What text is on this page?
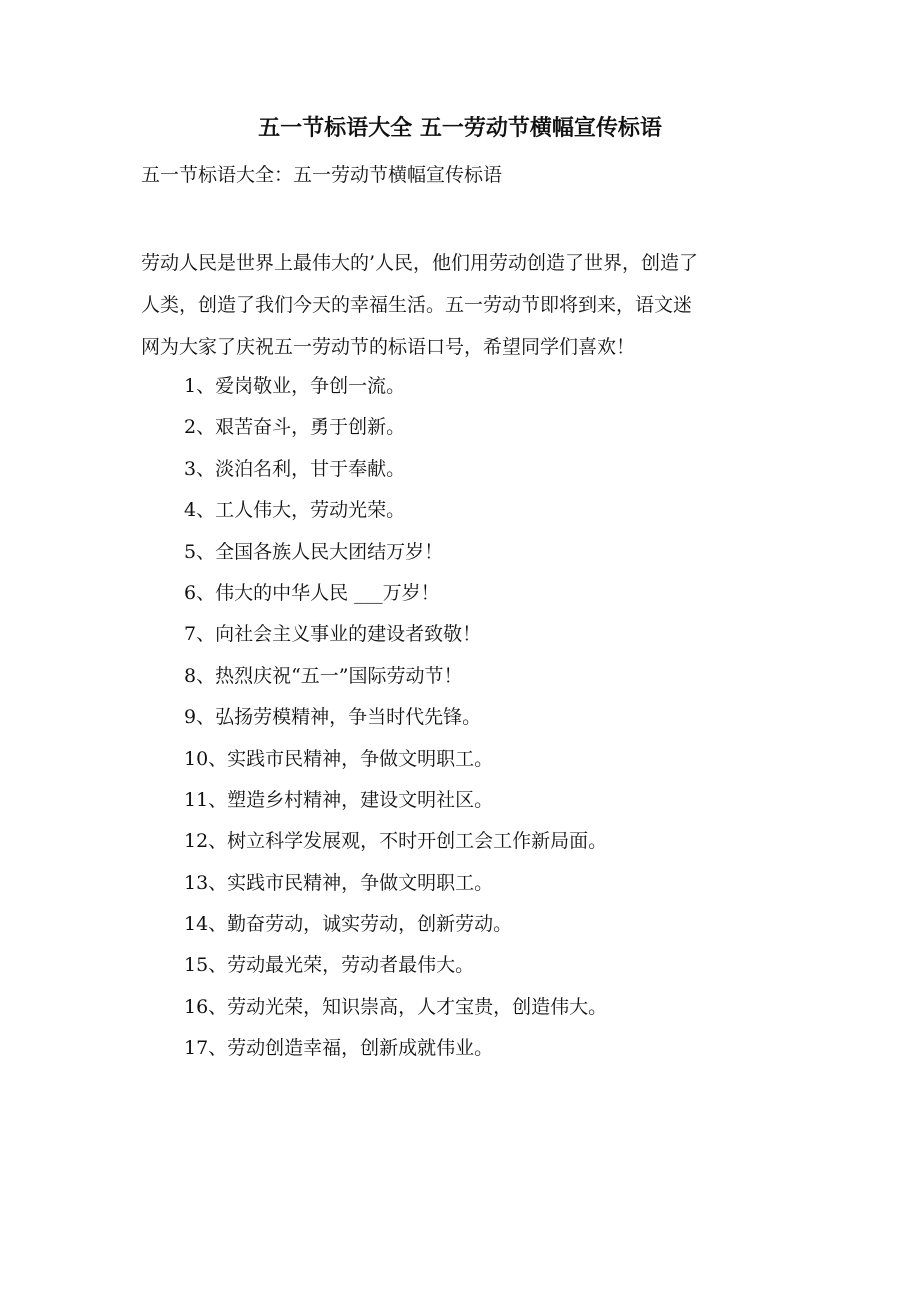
五一节标语大全 五一劳动节横幅宣传标语
五一节标语大全：五一劳动节横幅宣传标语
劳动人民是世界上最伟大的’人民，他们用劳动创造了世界，创造了
人类，创造了我们今天的幸福生活。五一劳动节即将到来，语文迷
网为大家了庆祝五一劳动节的标语口号，希望同学们喜欢！
1、爱岗敬业，争创一流。
2、艰苦奋斗，勇于创新。
3、淡泊名利，甘于奉献。
4、工人伟大，劳动光荣。
5、全国各族人民大团结万岁！
6、伟大的中华人民 ___万岁！
7、向社会主义事业的建设者致敬！
8、热烈庆祝“五一”国际劳动节！
9、弘扬劳模精神，争当时代先锋。
10、实践市民精神，争做文明职工。
11、塑造乡村精神，建设文明社区。
12、树立科学发展观，不时开创工会工作新局面。
13、实践市民精神，争做文明职工。
14、勤奋劳动，诚实劳动，创新劳动。
15、劳动最光荣，劳动者最伟大。
16、劳动光荣，知识崇高，人才宝贵，创造伟大。
17、劳动创造幸福，创新成就伟业。
